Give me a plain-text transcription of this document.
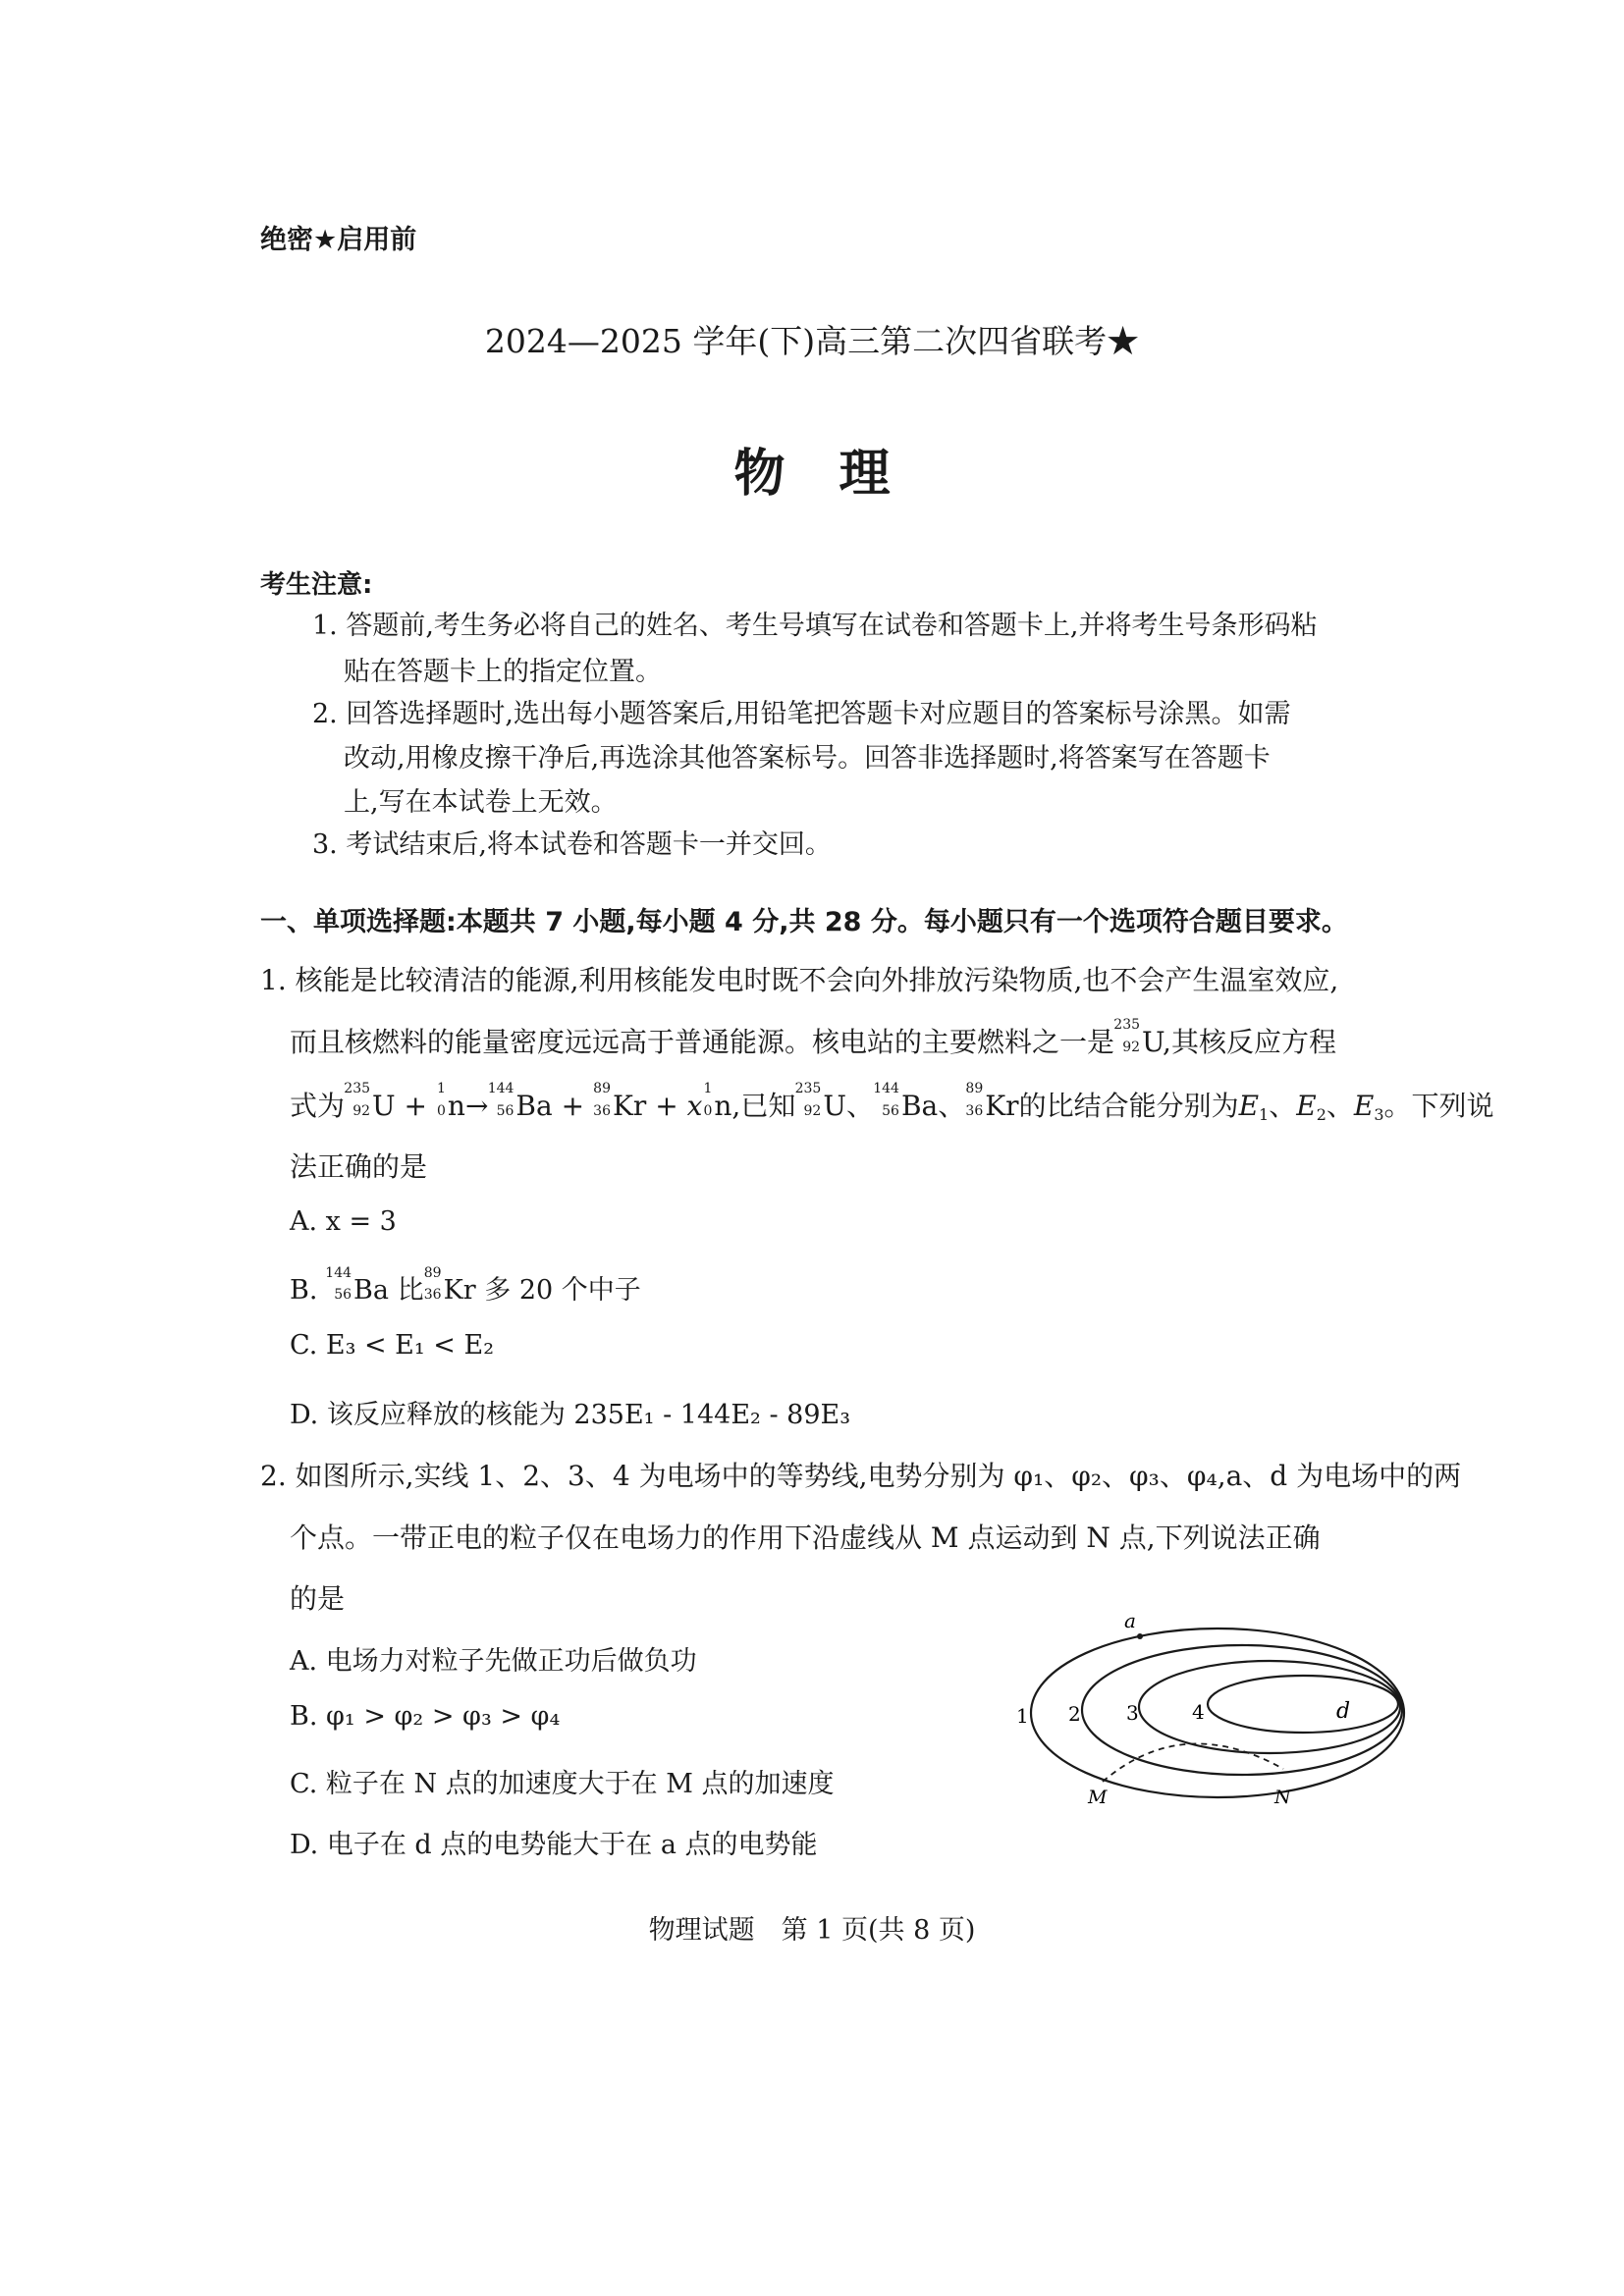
绝密★启用前
2024—2025 学年(下)高三第二次四省联考★
物理
考生注意:
1. 答题前,考生务必将自己的姓名、考生号填写在试卷和答题卡上,并将考生号条形码粘
贴在答题卡上的指定位置。
2. 回答选择题时,选出每小题答案后,用铅笔把答题卡对应题目的答案标号涂黑。如需
改动,用橡皮擦干净后,再选涂其他答案标号。回答非选择题时,将答案写在答题卡
上,写在本试卷上无效。
3. 考试结束后,将本试卷和答题卡一并交回。
一、单项选择题:本题共 7 小题,每小题 4 分,共 28 分。每小题只有一个选项符合题目要求。
1. 核能是比较清洁的能源,利用核能发电时既不会向外排放污染物质,也不会产生温室效应,
而且核燃料的能量密度远远高于普通能源。核电站的主要燃料之一是
235
92 U,其核反应方程
式为
235
92 U +
1
0 n→
144
56 Ba +
89
36 Kr + x
1
0 n,已知
235
92 U、
144
56 Ba、
89
36 Kr的比结合能分别为E1、E2、E3。下列说
法正确的是
A. x = 3
B.
144
56 Ba 比
89
36 Kr 多 20 个中子
C. E₃ < E₁ < E₂
D. 该反应释放的核能为 235E₁ - 144E₂ - 89E₃
2. 如图所示,实线 1、2、3、4 为电场中的等势线,电势分别为 φ₁、φ₂、φ₃、φ₄,a、d 为电场中的两
个点。一带正电的粒子仅在电场力的作用下沿虚线从 M 点运动到 N 点,下列说法正确
的是
A. 电场力对粒子先做正功后做负功
B. φ₁ > φ₂ > φ₃ > φ₄
C. 粒子在 N 点的加速度大于在 M 点的加速度
D. 电子在 d 点的电势能大于在 a 点的电势能
1 2 3	4
a
d
M	N
物理试题　第 1 页(共 8 页)
